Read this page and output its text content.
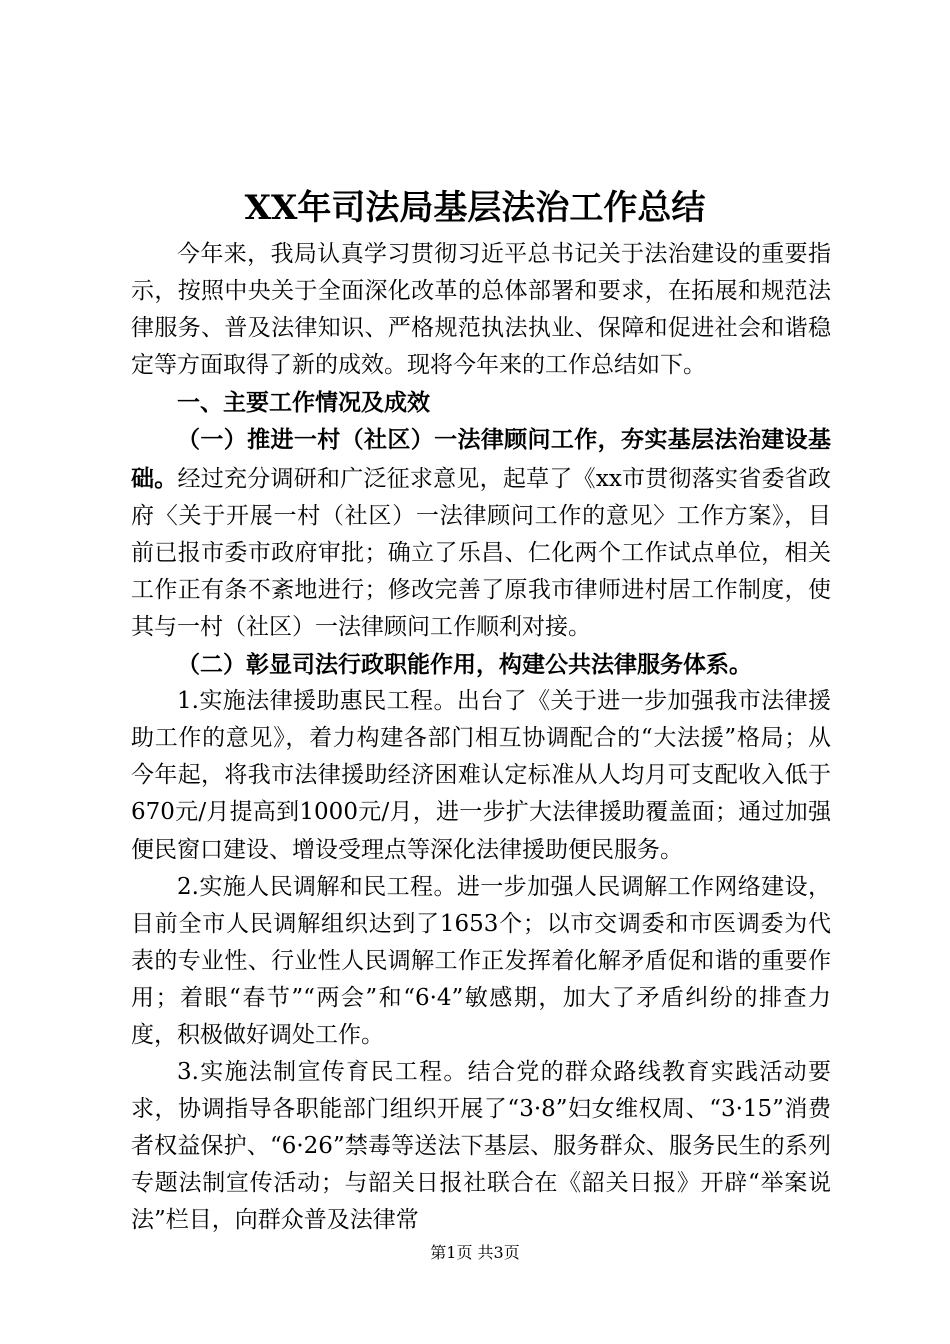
XX年司法局基层法治工作总结

今年来，我局认真学习贯彻习近平总书记关于法治建设的重要指示，按照中央关于全面深化改革的总体部署和要求，在拓展和规范法律服务、普及法律知识、严格规范执法执业、保障和促进社会和谐稳定等方面取得了新的成效。现将今年来的工作总结如下。

一、主要工作情况及成效

（一）推进一村（社区）一法律顾问工作，夯实基层法治建设基础。经过充分调研和广泛征求意见，起草了《xx市贯彻落实省委省政府〈关于开展一村（社区）一法律顾问工作的意见〉工作方案》，目前已报市委市政府审批；确立了乐昌、仁化两个工作试点单位，相关工作正有条不紊地进行；修改完善了原我市律师进村居工作制度，使其与一村（社区）一法律顾问工作顺利对接。

（二）彰显司法行政职能作用，构建公共法律服务体系。

1.实施法律援助惠民工程。出台了《关于进一步加强我市法律援助工作的意见》，着力构建各部门相互协调配合的“大法援”格局；从今年起，将我市法律援助经济困难认定标准从人均月可支配收入低于670元/月提高到1000元/月，进一步扩大法律援助覆盖面；通过加强便民窗口建设、增设受理点等深化法律援助便民服务。

2.实施人民调解和民工程。进一步加强人民调解工作网络建设，目前全市人民调解组织达到了1653个；以市交调委和市医调委为代表的专业性、行业性人民调解工作正发挥着化解矛盾促和谐的重要作用；着眼“春节”“两会”和“6·4”敏感期，加大了矛盾纠纷的排查力度，积极做好调处工作。

3.实施法制宣传育民工程。结合党的群众路线教育实践活动要求，协调指导各职能部门组织开展了“3·8”妇女维权周、“3·15”消费者权益保护、“6·26”禁毒等送法下基层、服务群众、服务民生的系列专题法制宣传活动；与韶关日报社联合在《韶关日报》开辟“举案说法”栏目，向群众普及法律常

第1页 共3页
